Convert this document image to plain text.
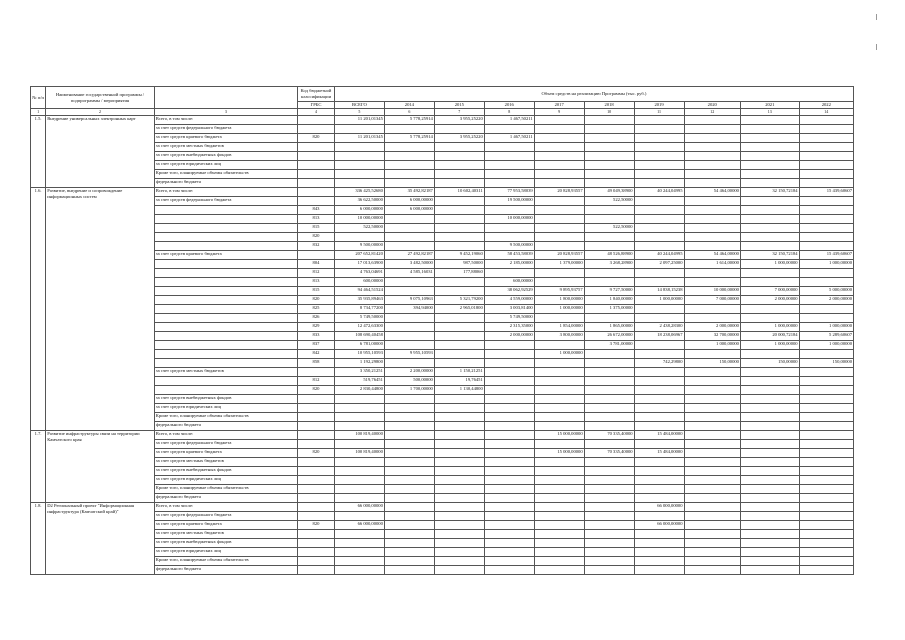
№ п/п	Наименование государственной программы / подпрограммы / мероприятия		Код бюджетной классификации	Объем средств на реализацию Программы (тыс. руб.)									
			ГРБС	ВСЕГО	2014	2015	2016	2017	2018	2019	2020	2021	2022
1	2	3	4	5	6	7	8	9	10	11	12	13	14
1.5.	Внедрение универсальных электронных карт	Всего, в том числе:		11 201,01345	5 778,25914	3 955,25220	1 467,50211						
		за счет средств федерального бюджета											
		за счет средств краевого бюджета	820	11 201,01345	5 778,25914	3 955,25220	1 467,50211						
		за счет средств местных бюджетов											
		за счет средств внебюджетных фондов											
		за счет средств юридических лиц											
		Кроме того, планируемые объемы обязательств											
		федерального бюджета											
1.6.	Развитие, внедрение и сопровождение информационных систем	Всего, в том числе:		336 425,52680	35 492,82187	10 602,40311	77 953,58039	20 828,93557	49 049,38900	40 244,04995	54 464,00000	32 150,72184	15 439,60607
		за счет средств федерального бюджета		36 622,50000	6 000,00000		19 500,00000		522,50000				
			843	6 000,00000	6 000,00000								
			813	10 000,00000			10 000,00000						
			815	522,50000					522,50000				
			820										
			832	9 500,00000			9 500,00000						
		за счет средств краевого бюджета		207 652,81420	27 492,82187	9 452,19060	58 453,58039	20 828,93557	48 526,88900	40 244,04995	54 464,00000	32 150,72184	15 439,60607
			804	17 013,63900	3 482,50000	987,50000	2 185,00000	1 379,00000	3 268,28900	2 097,25000	1 614,00000	1 000,00000	1 000,00000
			812	4 763,04691	4 585,16031	177,88060							
			813	600,00000			600,00000						
			815	94 464,51524			38 062,92529	9 895,93757	9 727,50000	14 838,15238	10 000,00000	7 000,00000	5 000,00000
			820	35 935,89463	9 075,10963	5 321,79200	4 559,00000	1 800,00000	1 840,00000	1 000,00000	7 000,00000	2 000,00000	2 000,00000
			825	8 734,77200	394,94000	2 965,01800	3 003,81400	1 000,00000	1 375,00000				
			826	5 749,50000			5 749,50000						
			829	12 472,63300			2 315,35000	1 854,00000	1 865,00000	2 438,28300	2 000,00000	1 000,00000	1 000,00000
			833	108 690,40458			2 000,00000	3 800,00000	26 672,00000	18 238,06967	32 700,00000	20 000,72184	5 289,60607
			837	6 781,00000					3 781,00000		1 000,00000	1 000,00000	1 000,00000
			842	10 955,10593	9 955,10593			1 000,00000					
			858	1 192,29800						742,29800	150,00000	150,00000	150,00000
		за счет средств местных бюджетов		3 350,21251	2 200,00000	1 150,21251							
			812	519,76451	500,00000	19,76451							
			820	2 830,44800	1 700,00000	1 130,44800							
		за счет средств внебюджетных фондов											
		за счет средств юридических лиц											
		Кроме того, планируемые объемы обязательств											
		федерального бюджета											
1.7.	Развитие инфраструктуры связи на территории Камчатского края	Всего, в том числе:		100 819,40000				15 000,00000	70 335,40000	15 484,00000			
		за счет средств федерального бюджета											
		за счет средств краевого бюджета	820	100 819,40000				15 000,00000	70 335,40000	15 484,00000			
		за счет средств местных бюджетов											
		за счет средств внебюджетных фондов											
		за счет средств юридических лиц											
		Кроме того, планируемые объемы обязательств											
		федерального бюджета											
1.8.	D2 Региональный проект "Информационная инфраструктура (Камчатский край)"	Всего, в том числе:		66 000,00000						66 000,00000			
		за счет средств федерального бюджета											
		за счет средств краевого бюджета	820	66 000,00000						66 000,00000			
		за счет средств местных бюджетов											
		за счет средств внебюджетных фондов											
		за счет средств юридических лиц											
		Кроме того, планируемые объемы обязательств											
		федерального бюджета											
